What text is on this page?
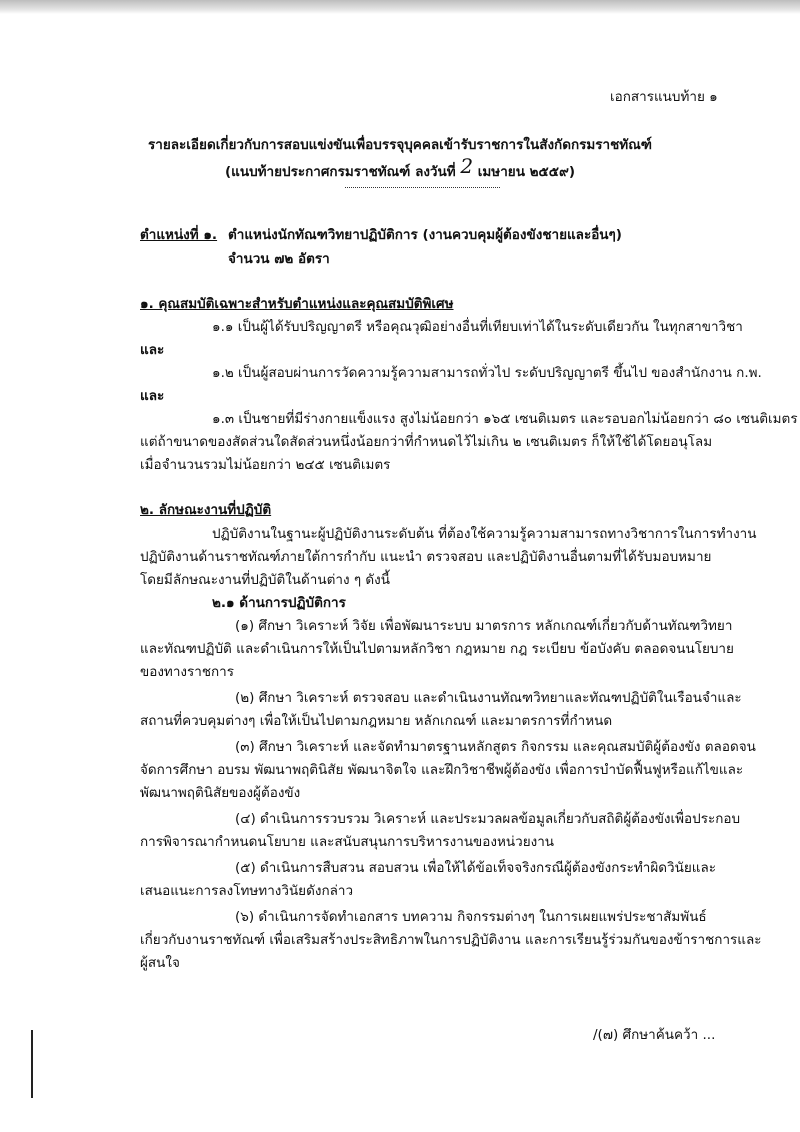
เอกสารแนบท้าย ๑
รายละเอียดเกี่ยวกับการสอบแข่งขันเพื่อบรรจุบุคคลเข้ารับราชการในสังกัดกรมราชทัณฑ์
(แนบท้ายประกาศกรมราชทัณฑ์ ลงวันที่ 2 เมษายน ๒๕๕๙)
ตำแหน่งที่ ๑. ตำแหน่งนักทัณฑวิทยาปฏิบัติการ (งานควบคุมผู้ต้องขังชายและอื่นๆ)
จำนวน ๗๒ อัตรา
๑. คุณสมบัติเฉพาะสำหรับตำแหน่งและคุณสมบัติพิเศษ
๑.๑ เป็นผู้ได้รับปริญญาตรี หรือคุณวุฒิอย่างอื่นที่เทียบเท่าได้ในระดับเดียวกัน ในทุกสาขาวิชา
และ
๑.๒ เป็นผู้สอบผ่านการวัดความรู้ความสามารถทั่วไป ระดับปริญญาตรี ขึ้นไป ของสำนักงาน ก.พ.
และ
๑.๓ เป็นชายที่มีร่างกายแข็งแรง สูงไม่น้อยกว่า ๑๖๕ เซนติเมตร และรอบอกไม่น้อยกว่า ๘๐ เซนติเมตร
แต่ถ้าขนาดของสัดส่วนใดสัดส่วนหนึ่งน้อยกว่าที่กำหนดไว้ไม่เกิน ๒ เซนติเมตร ก็ให้ใช้ได้โดยอนุโลม
เมื่อจำนวนรวมไม่น้อยกว่า ๒๔๕ เซนติเมตร
๒. ลักษณะงานที่ปฏิบัติ
ปฏิบัติงานในฐานะผู้ปฏิบัติงานระดับต้น ที่ต้องใช้ความรู้ความสามารถทางวิชาการในการทำงาน
ปฏิบัติงานด้านราชทัณฑ์ภายใต้การกำกับ แนะนำ ตรวจสอบ และปฏิบัติงานอื่นตามที่ได้รับมอบหมาย
โดยมีลักษณะงานที่ปฏิบัติในด้านต่าง ๆ ดังนี้
๒.๑ ด้านการปฏิบัติการ
(๑) ศึกษา วิเคราะห์ วิจัย เพื่อพัฒนาระบบ มาตรการ หลักเกณฑ์เกี่ยวกับด้านทัณฑวิทยา
และทัณฑปฏิบัติ และดำเนินการให้เป็นไปตามหลักวิชา กฎหมาย กฎ ระเบียบ ข้อบังคับ ตลอดจนนโยบาย
ของทางราชการ
(๒) ศึกษา วิเคราะห์ ตรวจสอบ และดำเนินงานทัณฑวิทยาและทัณฑปฏิบัติในเรือนจำและ
สถานที่ควบคุมต่างๆ เพื่อให้เป็นไปตามกฎหมาย หลักเกณฑ์ และมาตรการที่กำหนด
(๓) ศึกษา วิเคราะห์ และจัดทำมาตรฐานหลักสูตร กิจกรรม และคุณสมบัติผู้ต้องขัง ตลอดจน
จัดการศึกษา อบรม พัฒนาพฤตินิสัย พัฒนาจิตใจ และฝึกวิชาชีพผู้ต้องขัง เพื่อการบำบัดฟื้นฟูหรือแก้ไขและ
พัฒนาพฤตินิสัยของผู้ต้องขัง
(๔) ดำเนินการรวบรวม วิเคราะห์ และประมวลผลข้อมูลเกี่ยวกับสถิติผู้ต้องขังเพื่อประกอบ
การพิจารณากำหนดนโยบาย และสนับสนุนการบริหารงานของหน่วยงาน
(๕) ดำเนินการสืบสวน สอบสวน เพื่อให้ได้ข้อเท็จจริงกรณีผู้ต้องขังกระทำผิดวินัยและ
เสนอแนะการลงโทษทางวินัยดังกล่าว
(๖) ดำเนินการจัดทำเอกสาร บทความ กิจกรรมต่างๆ ในการเผยแพร่ประชาสัมพันธ์
เกี่ยวกับงานราชทัณฑ์ เพื่อเสริมสร้างประสิทธิภาพในการปฏิบัติงาน และการเรียนรู้ร่วมกันของข้าราชการและ
ผู้สนใจ
/(๗) ศึกษาค้นคว้า ...
